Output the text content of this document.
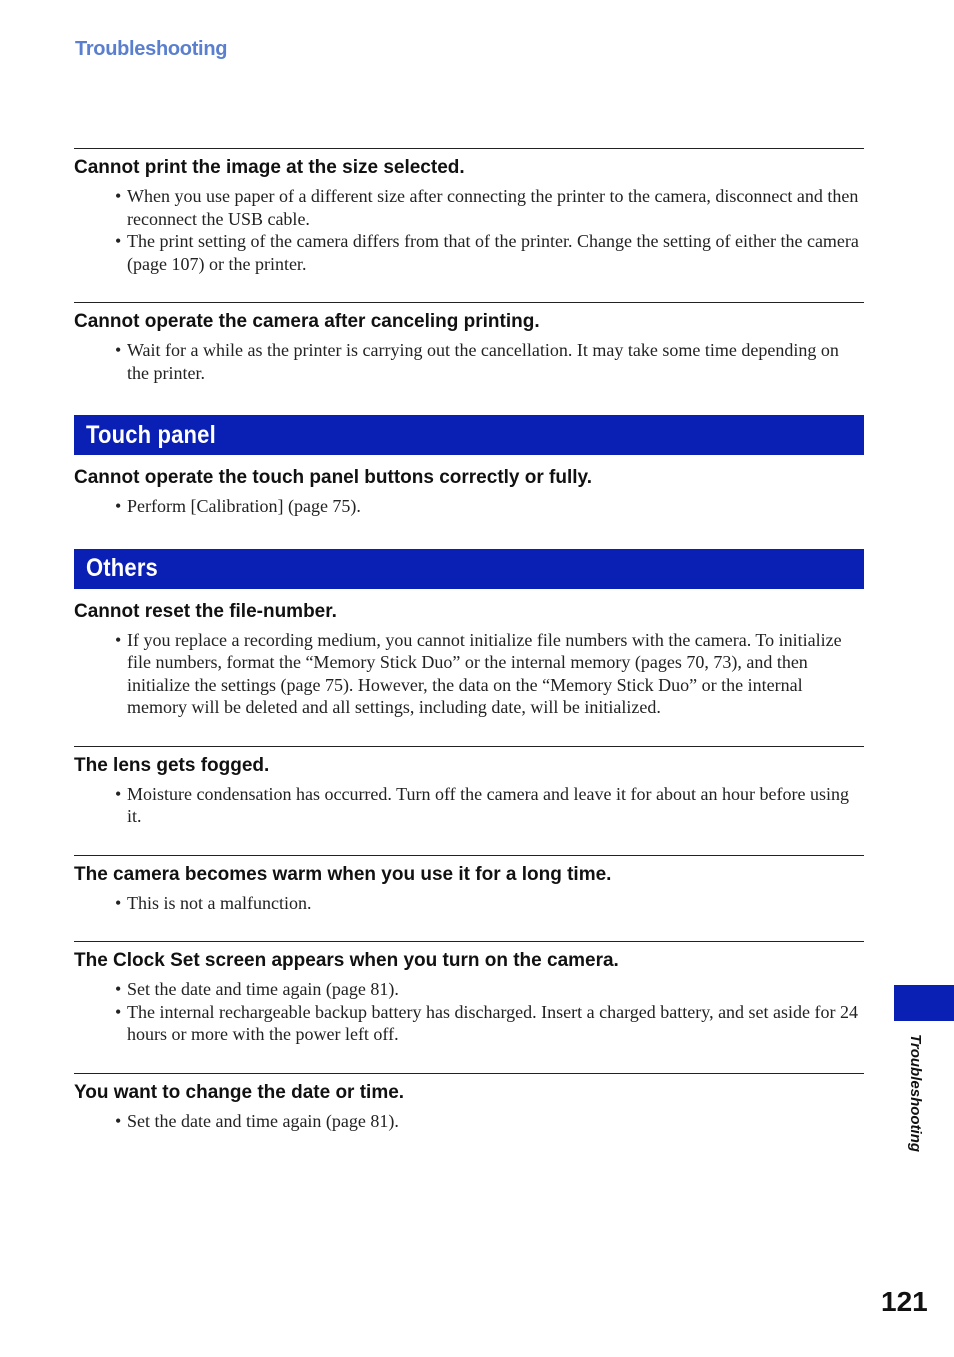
Troubleshooting

Cannot print the image at the size selected.

• When you use paper of a different size after connecting the printer to the camera, disconnect and then reconnect the USB cable.
• The print setting of the camera differs from that of the printer. Change the setting of either the camera (page 107) or the printer.

Cannot operate the camera after canceling printing.

• Wait for a while as the printer is carrying out the cancellation. It may take some time depending on the printer.
Touch panel

Cannot operate the touch panel buttons correctly or fully.

• Perform [Calibration] (page 75).
Others

Cannot reset the file-number.

• If you replace a recording medium, you cannot initialize file numbers with the camera. To initialize file numbers, format the “Memory Stick Duo” or the internal memory (pages 70, 73), and then initialize the settings (page 75). However, the data on the “Memory Stick Duo” or the internal memory will be deleted and all settings, including date, will be initialized.

The lens gets fogged.

• Moisture condensation has occurred. Turn off the camera and leave it for about an hour before using it.

The camera becomes warm when you use it for a long time.

• This is not a malfunction.

The Clock Set screen appears when you turn on the camera.

• Set the date and time again (page 81).
• The internal rechargeable backup battery has discharged. Insert a charged battery, and set aside for 24 hours or more with the power left off.

You want to change the date or time.

• Set the date and time again (page 81).	Troubleshooting
121
